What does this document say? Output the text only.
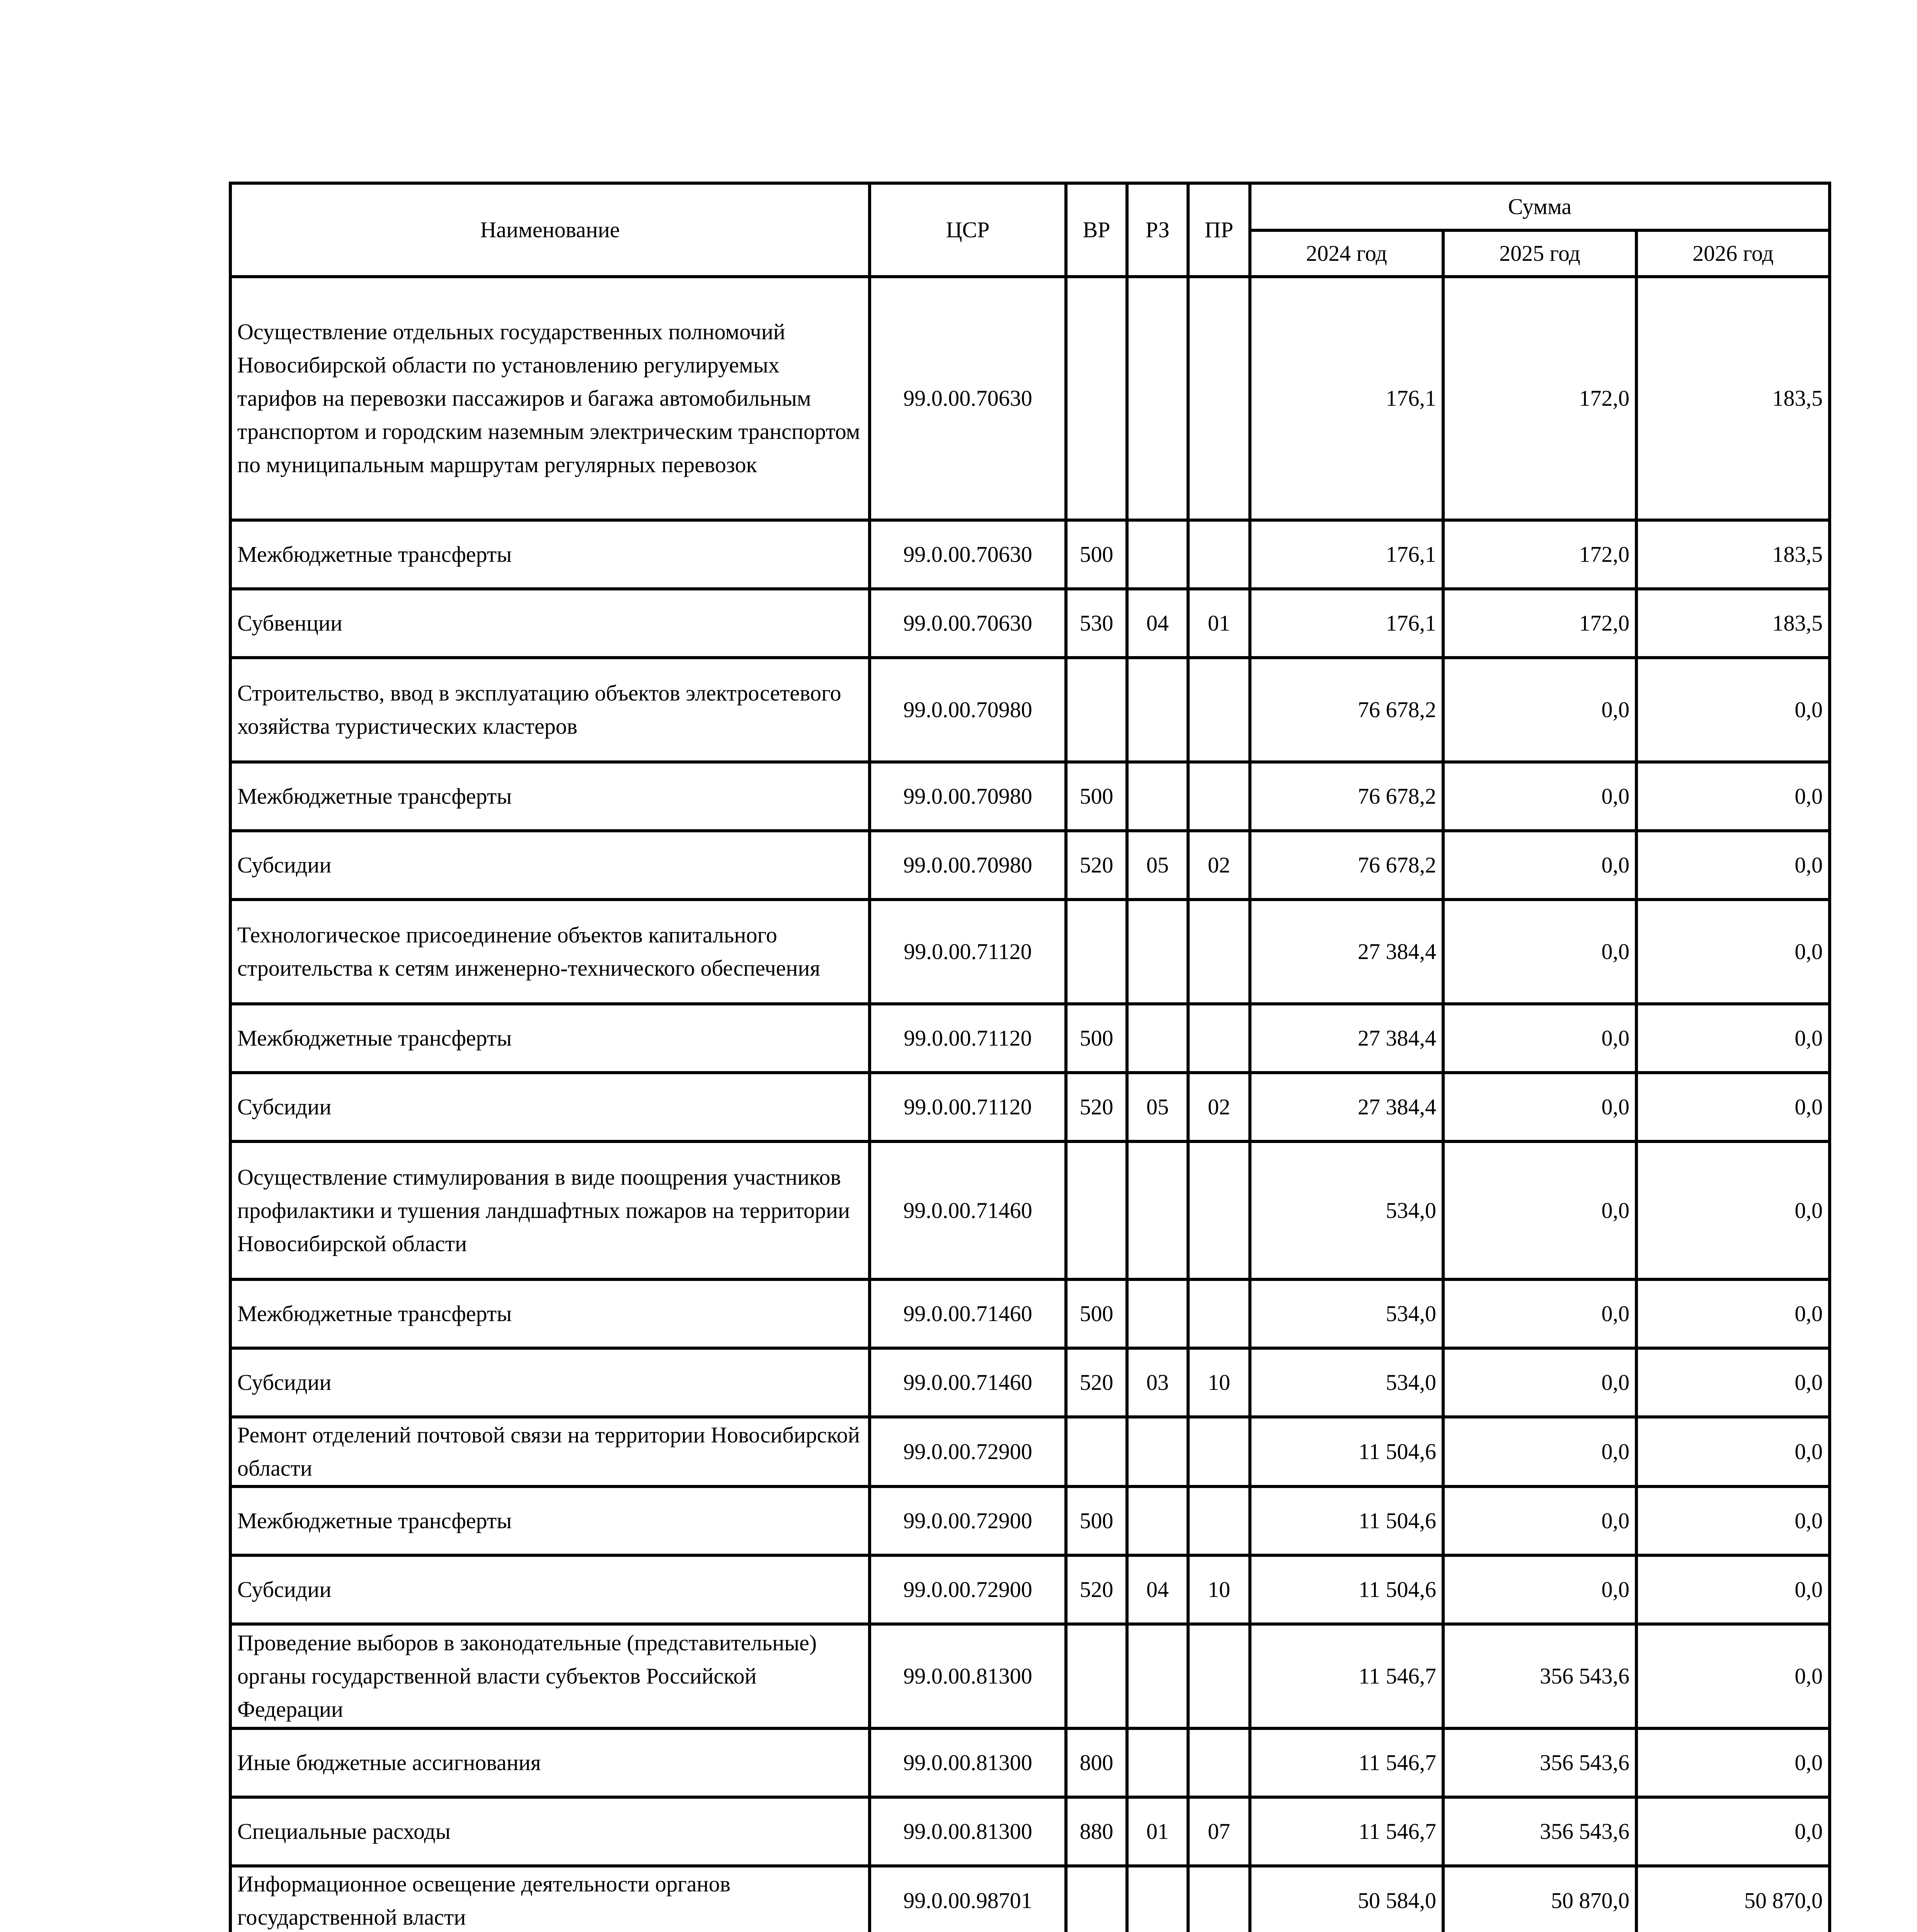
Наименование	ЦСР	ВР	РЗ	ПР	Сумма		
					2024 год	2025 год	2026 год
Осуществление отдельных государственных полномочий Новосибирской области по установлению регулируемых тарифов на перевозки пассажиров и багажа автомобильным транспортом и городским наземным электрическим транспортом по муниципальным маршрутам регулярных перевозок	99.0.00.70630				176,1	172,0	183,5
Межбюджетные трансферты	99.0.00.70630	500			176,1	172,0	183,5
Субвенции	99.0.00.70630	530	04	01	176,1	172,0	183,5
Строительство, ввод в эксплуатацию объектов электросетевого хозяйства туристических кластеров	99.0.00.70980				76 678,2	0,0	0,0
Межбюджетные трансферты	99.0.00.70980	500			76 678,2	0,0	0,0
Субсидии	99.0.00.70980	520	05	02	76 678,2	0,0	0,0
Технологическое присоединение объектов капитального строительства к сетям инженерно-технического обеспечения	99.0.00.71120				27 384,4	0,0	0,0
Межбюджетные трансферты	99.0.00.71120	500			27 384,4	0,0	0,0
Субсидии	99.0.00.71120	520	05	02	27 384,4	0,0	0,0
Осуществление стимулирования в виде поощрения участников профилактики и тушения ландшафтных пожаров на территории Новосибирской области	99.0.00.71460				534,0	0,0	0,0
Межбюджетные трансферты	99.0.00.71460	500			534,0	0,0	0,0
Субсидии	99.0.00.71460	520	03	10	534,0	0,0	0,0
Ремонт отделений почтовой связи на территории Новосибирской области	99.0.00.72900				11 504,6	0,0	0,0
Межбюджетные трансферты	99.0.00.72900	500			11 504,6	0,0	0,0
Субсидии	99.0.00.72900	520	04	10	11 504,6	0,0	0,0
Проведение выборов в законодательные (представительные) органы государственной власти субъектов Российской Федерации	99.0.00.81300				11 546,7	356 543,6	0,0
Иные бюджетные ассигнования	99.0.00.81300	800			11 546,7	356 543,6	0,0
Специальные расходы	99.0.00.81300	880	01	07	11 546,7	356 543,6	0,0
Информационное освещение деятельности органов государственной власти	99.0.00.98701				50 584,0	50 870,0	50 870,0
